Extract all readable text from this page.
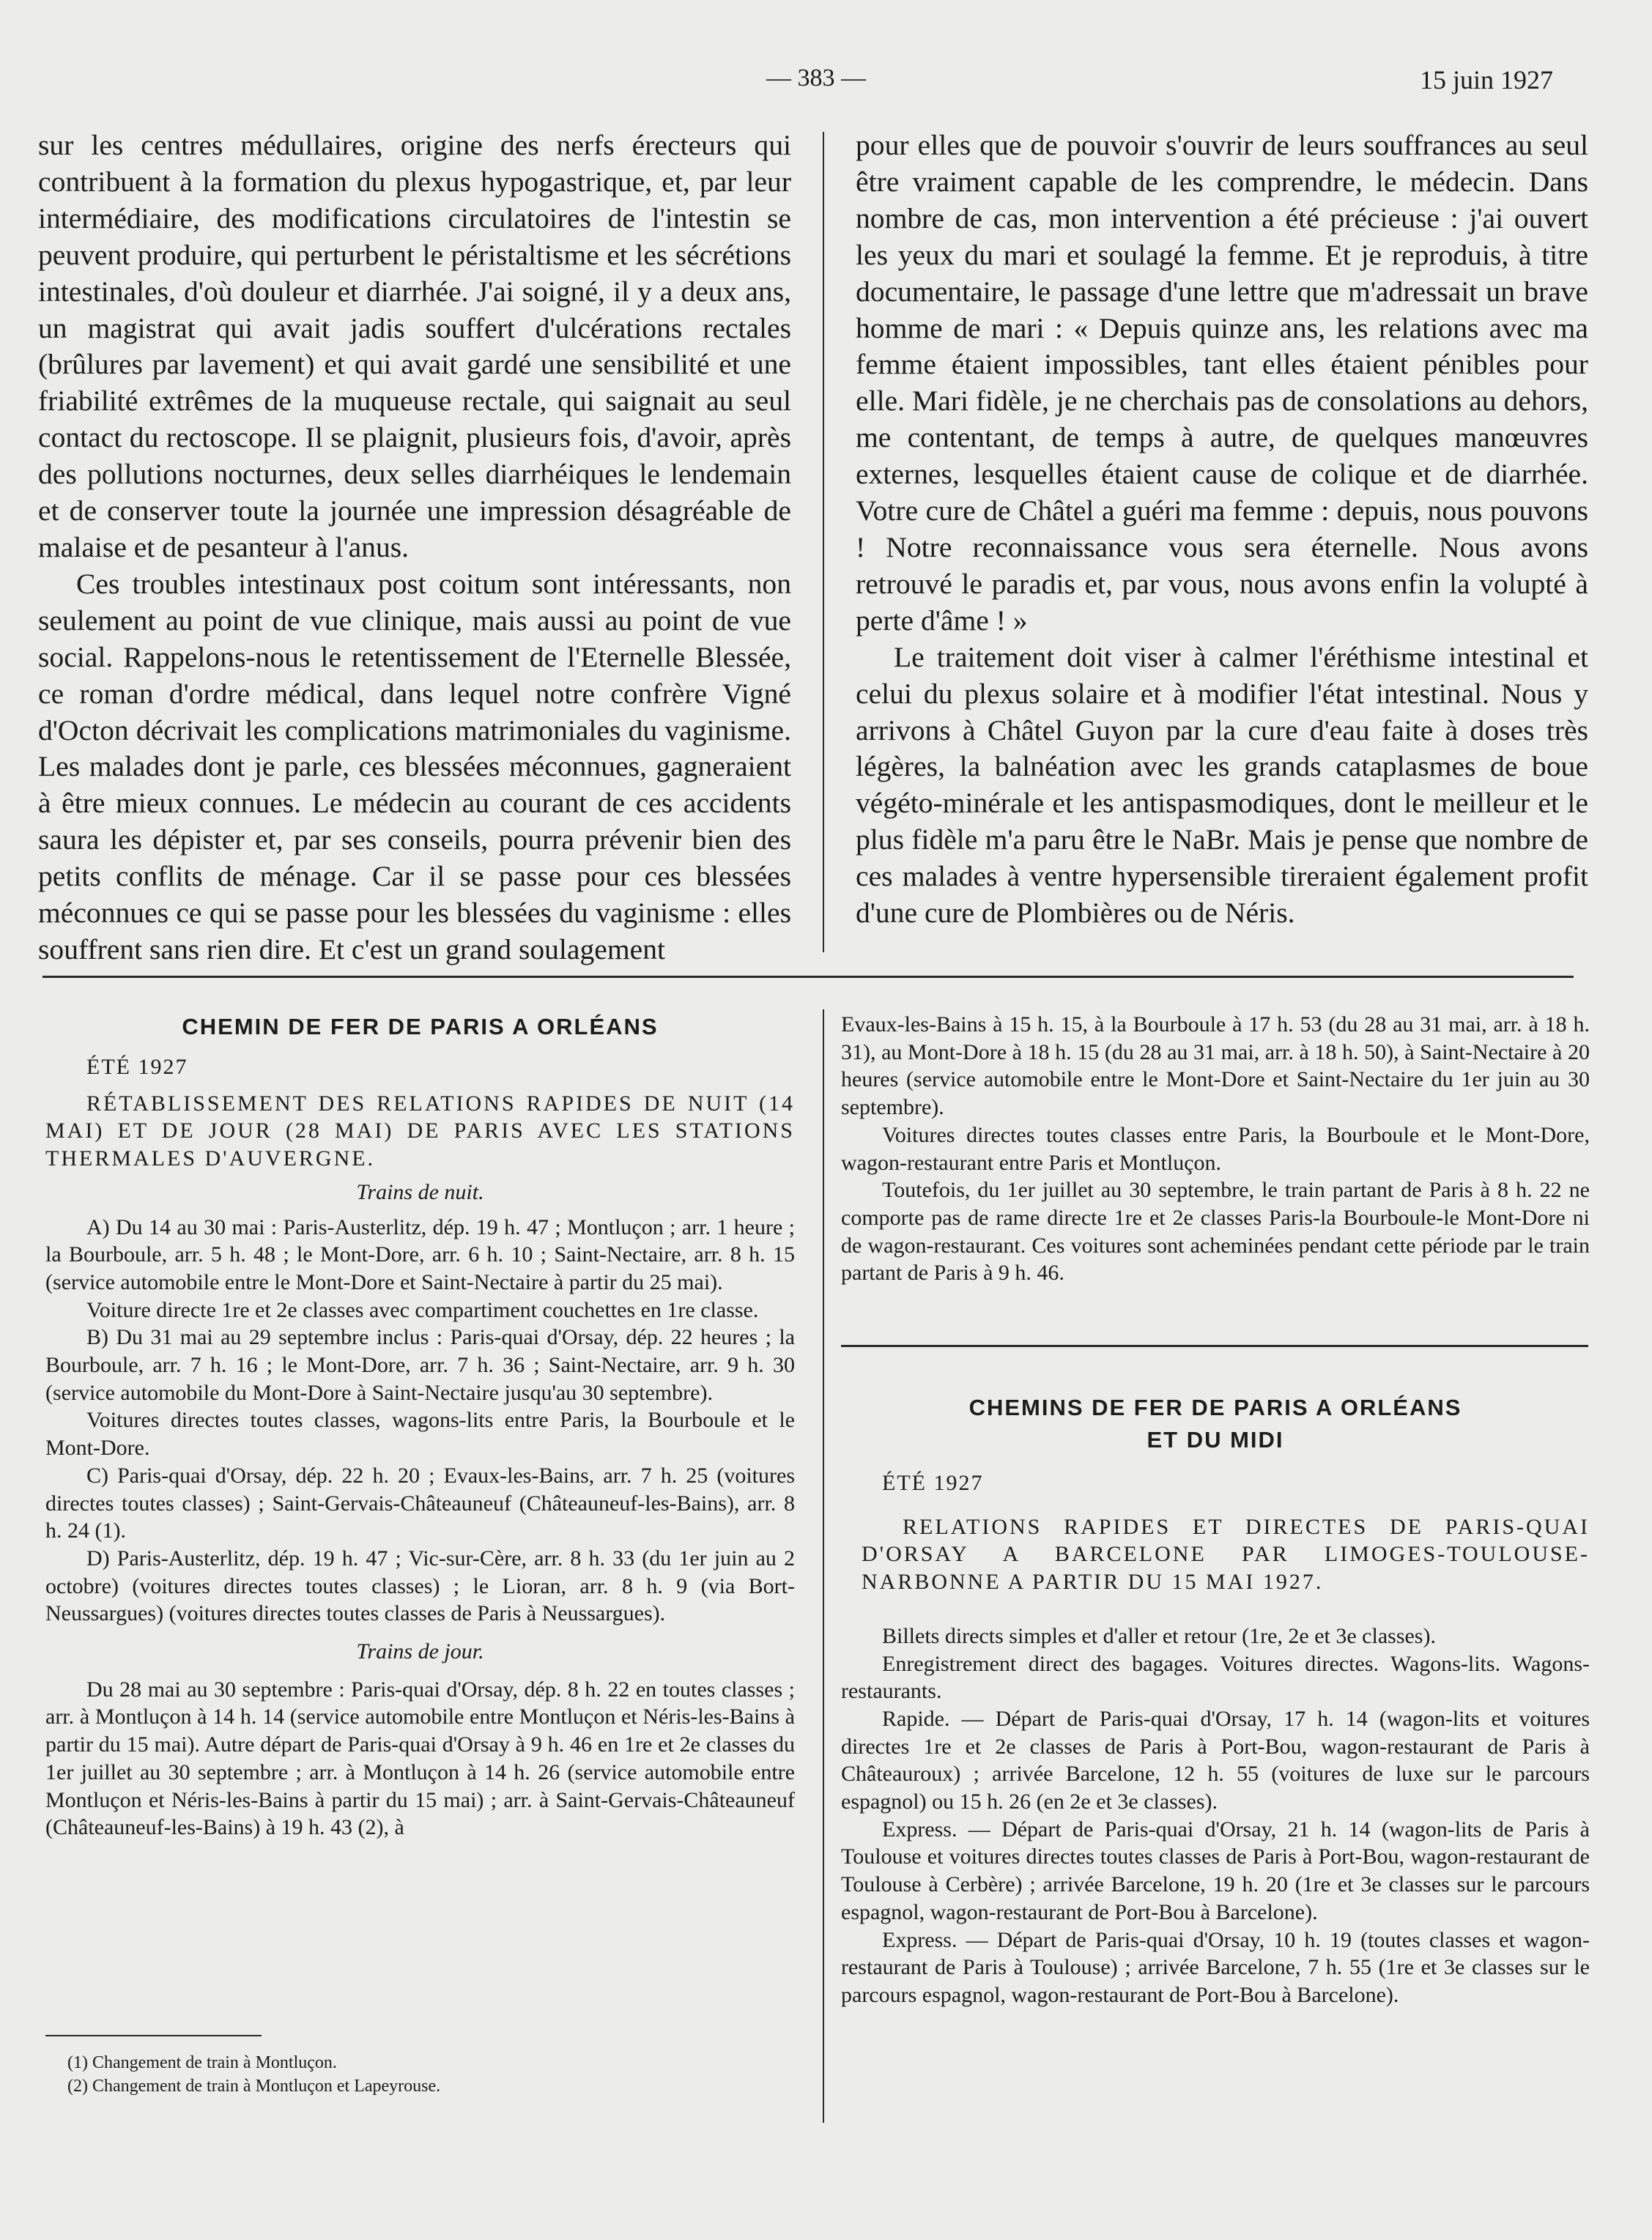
— 383 —	15 juin 1927

sur les centres médullaires, origine des nerfs érecteurs qui contribuent à la formation du plexus hypogastrique, et, par leur intermédiaire, des modifications circulatoires de l'intestin se peuvent produire, qui perturbent le péristaltisme et les sécrétions intestinales, d'où douleur et diarrhée. J'ai soigné, il y a deux ans, un magistrat qui avait jadis souffert d'ulcérations rectales (brûlures par lavement) et qui avait gardé une sensibilité et une friabilité extrêmes de la muqueuse rectale, qui saignait au seul contact du rectoscope. Il se plaignit, plusieurs fois, d'avoir, après des pollutions nocturnes, deux selles diarrhéiques le lendemain et de conserver toute la journée une impression désagréable de malaise et de pesanteur à l'anus.

Ces troubles intestinaux post coitum sont intéressants, non seulement au point de vue clinique, mais aussi au point de vue social. Rappelons-nous le retentissement de l'Eternelle Blessée, ce roman d'ordre médical, dans lequel notre confrère Vigné d'Octon décrivait les complications matrimoniales du vaginisme. Les malades dont je parle, ces blessées méconnues, gagneraient à être mieux connues. Le médecin au courant de ces accidents saura les dépister et, par ses conseils, pourra prévenir bien des petits conflits de ménage. Car il se passe pour ces blessées méconnues ce qui se passe pour les blessées du vaginisme : elles souffrent sans rien dire. Et c'est un grand soulagement

pour elles que de pouvoir s'ouvrir de leurs souffrances au seul être vraiment capable de les comprendre, le médecin. Dans nombre de cas, mon intervention a été précieuse : j'ai ouvert les yeux du mari et soulagé la femme. Et je reproduis, à titre documentaire, le passage d'une lettre que m'adressait un brave homme de mari : « Depuis quinze ans, les relations avec ma femme étaient impossibles, tant elles étaient pénibles pour elle. Mari fidèle, je ne cherchais pas de consolations au dehors, me contentant, de temps à autre, de quelques manœuvres externes, lesquelles étaient cause de colique et de diarrhée. Votre cure de Châtel a guéri ma femme : depuis, nous pouvons ! Notre reconnaissance vous sera éternelle. Nous avons retrouvé le paradis et, par vous, nous avons enfin la volupté à perte d'âme ! »

Le traitement doit viser à calmer l'éréthisme intestinal et celui du plexus solaire et à modifier l'état intestinal. Nous y arrivons à Châtel Guyon par la cure d'eau faite à doses très légères, la balnéation avec les grands cataplasmes de boue végéto-minérale et les antispasmodiques, dont le meilleur et le plus fidèle m'a paru être le NaBr. Mais je pense que nombre de ces malades à ventre hypersensible tireraient également profit d'une cure de Plombières ou de Néris.

CHEMIN DE FER DE PARIS A ORLÉANS

ÉTÉ 1927

RÉTABLISSEMENT DES RELATIONS RAPIDES DE NUIT (14 MAI) ET DE JOUR (28 MAI) DE PARIS AVEC LES STATIONS THERMALES D'AUVERGNE.

Trains de nuit.

A) Du 14 au 30 mai : Paris-Austerlitz, dép. 19 h. 47 ; Montluçon ; arr. 1 heure ; la Bourboule, arr. 5 h. 48 ; le Mont-Dore, arr. 6 h. 10 ; Saint-Nectaire, arr. 8 h. 15 (service automobile entre le Mont-Dore et Saint-Nectaire à partir du 25 mai).

Voiture directe 1re et 2e classes avec compartiment couchettes en 1re classe.

B) Du 31 mai au 29 septembre inclus : Paris-quai d'Orsay, dép. 22 heures ; la Bourboule, arr. 7 h. 16 ; le Mont-Dore, arr. 7 h. 36 ; Saint-Nectaire, arr. 9 h. 30 (service automobile du Mont-Dore à Saint-Nectaire jusqu'au 30 septembre).

Voitures directes toutes classes, wagons-lits entre Paris, la Bourboule et le Mont-Dore.

C) Paris-quai d'Orsay, dép. 22 h. 20 ; Evaux-les-Bains, arr. 7 h. 25 (voitures directes toutes classes) ; Saint-Gervais-Châteauneuf (Châteauneuf-les-Bains), arr. 8 h. 24 (1).

D) Paris-Austerlitz, dép. 19 h. 47 ; Vic-sur-Cère, arr. 8 h. 33 (du 1er juin au 2 octobre) (voitures directes toutes classes) ; le Lioran, arr. 8 h. 9 (via Bort-Neussargues) (voitures directes toutes classes de Paris à Neussargues).

Trains de jour.

Du 28 mai au 30 septembre : Paris-quai d'Orsay, dép. 8 h. 22 en toutes classes ; arr. à Montluçon à 14 h. 14 (service automobile entre Montluçon et Néris-les-Bains à partir du 15 mai). Autre départ de Paris-quai d'Orsay à 9 h. 46 en 1re et 2e classes du 1er juillet au 30 septembre ; arr. à Montluçon à 14 h. 26 (service automobile entre Montluçon et Néris-les-Bains à partir du 15 mai) ; arr. à Saint-Gervais-Châteauneuf (Châteauneuf-les-Bains) à 19 h. 43 (2), à

(1) Changement de train à Montluçon.

(2) Changement de train à Montluçon et Lapeyrouse.

Evaux-les-Bains à 15 h. 15, à la Bourboule à 17 h. 53 (du 28 au 31 mai, arr. à 18 h. 31), au Mont-Dore à 18 h. 15 (du 28 au 31 mai, arr. à 18 h. 50), à Saint-Nectaire à 20 heures (service automobile entre le Mont-Dore et Saint-Nectaire du 1er juin au 30 septembre).

Voitures directes toutes classes entre Paris, la Bourboule et le Mont-Dore, wagon-restaurant entre Paris et Montluçon.

Toutefois, du 1er juillet au 30 septembre, le train partant de Paris à 8 h. 22 ne comporte pas de rame directe 1re et 2e classes Paris-la Bourboule-le Mont-Dore ni de wagon-restaurant. Ces voitures sont acheminées pendant cette période par le train partant de Paris à 9 h. 46.

CHEMINS DE FER DE PARIS A ORLÉANS
ET DU MIDI

ÉTÉ 1927

RELATIONS RAPIDES ET DIRECTES DE PARIS-QUAI D'ORSAY A BARCELONE PAR LIMOGES-TOULOUSE-NARBONNE A PARTIR DU 15 MAI 1927.

Billets directs simples et d'aller et retour (1re, 2e et 3e classes).

Enregistrement direct des bagages. Voitures directes. Wagons-lits. Wagons-restaurants.

Rapide. — Départ de Paris-quai d'Orsay, 17 h. 14 (wagon-lits et voitures directes 1re et 2e classes de Paris à Port-Bou, wagon-restaurant de Paris à Châteauroux) ; arrivée Barcelone, 12 h. 55 (voitures de luxe sur le parcours espagnol) ou 15 h. 26 (en 2e et 3e classes).

Express. — Départ de Paris-quai d'Orsay, 21 h. 14 (wagon-lits de Paris à Toulouse et voitures directes toutes classes de Paris à Port-Bou, wagon-restaurant de Toulouse à Cerbère) ; arrivée Barcelone, 19 h. 20 (1re et 3e classes sur le parcours espagnol, wagon-restaurant de Port-Bou à Barcelone).

Express. — Départ de Paris-quai d'Orsay, 10 h. 19 (toutes classes et wagon-restaurant de Paris à Toulouse) ; arrivée Barcelone, 7 h. 55 (1re et 3e classes sur le parcours espagnol, wagon-restaurant de Port-Bou à Barcelone).
